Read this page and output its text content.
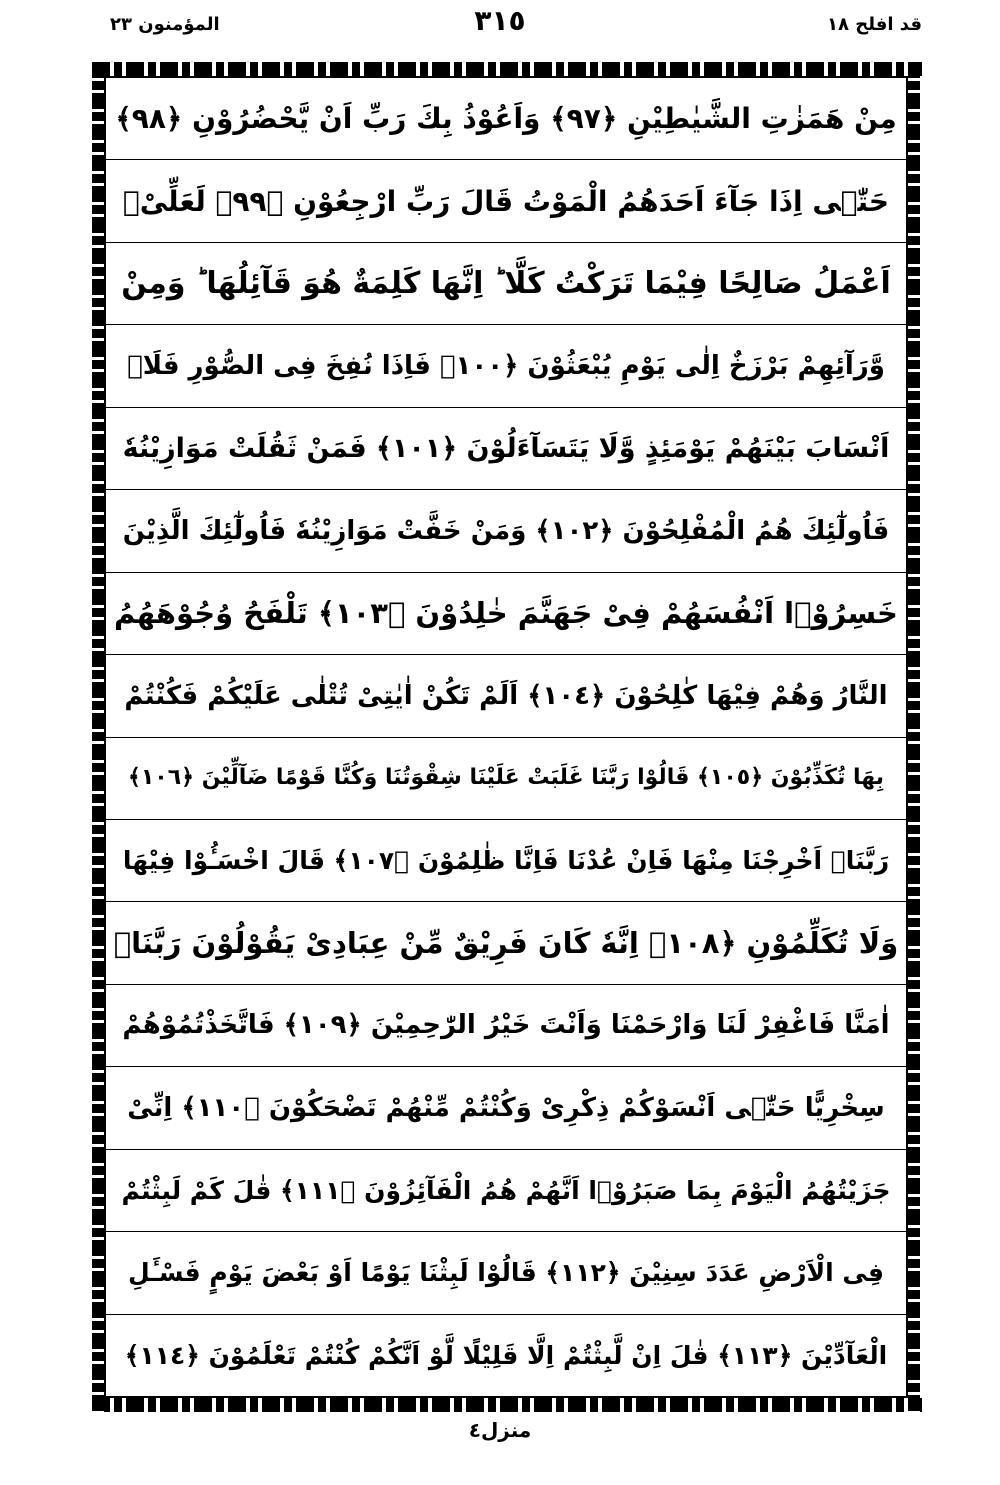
المؤمنون ٢٣	٣١٥	قد افلح ١٨
مِنْ هَمَزٰتِ الشَّيٰطِيْنِ ﴿٩٧﴾ وَاَعُوْذُ بِكَ رَبِّ اَنْ يَّحْضُرُوْنِ ﴿٩٨﴾
حَتّٰۤى اِذَا جَآءَ اَحَدَهُمُ الْمَوْتُ قَالَ رَبِّ ارْجِعُوْنِ ﴿٩٩﴾ لَعَلِّىْۤ
اَعْمَلُ صَالِحًا فِيْمَا تَرَكْتُ كَلَّا ؕ اِنَّهَا كَلِمَةٌ هُوَ قَآئِلُهَا ؕ وَمِنْ
وَّرَآئِهِمْ بَرْزَخٌ اِلٰى يَوْمِ يُبْعَثُوْنَ ﴿١٠٠﴾ فَاِذَا نُفِخَ فِى الصُّوْرِ فَلَاۤ
اَنْسَابَ بَيْنَهُمْ يَوْمَئِذٍ وَّلَا يَتَسَآءَلُوْنَ ﴿١٠١﴾ فَمَنْ ثَقُلَتْ مَوَازِيْنُهٗ
فَاُولٰٓئِكَ هُمُ الْمُفْلِحُوْنَ ﴿١٠٢﴾ وَمَنْ خَفَّتْ مَوَازِيْنُهٗ فَاُولٰٓئِكَ الَّذِيْنَ
خَسِرُوْۤا اَنْفُسَهُمْ فِىْ جَهَنَّمَ خٰلِدُوْنَ ﴿١٠٣﴾ تَلْفَحُ وُجُوْهَهُمُ
النَّارُ وَهُمْ فِيْهَا كٰلِحُوْنَ ﴿١٠٤﴾ اَلَمْ تَكُنْ اٰيٰتِىْ تُتْلٰى عَلَيْكُمْ فَكُنْتُمْ
بِهَا تُكَذِّبُوْنَ ﴿١٠٥﴾ قَالُوْا رَبَّنَا غَلَبَتْ عَلَيْنَا شِقْوَتُنَا وَكُنَّا قَوْمًا ضَآلِّيْنَ ﴿١٠٦﴾
رَبَّنَاۤ اَخْرِجْنَا مِنْهَا فَاِنْ عُدْنَا فَاِنَّا ظٰلِمُوْنَ ﴿١٠٧﴾ قَالَ اخْسَـُٔوْا فِيْهَا
وَلَا تُكَلِّمُوْنِ ﴿١٠٨﴾ اِنَّهٗ كَانَ فَرِيْقٌ مِّنْ عِبَادِىْ يَقُوْلُوْنَ رَبَّنَاۤ
اٰمَنَّا فَاغْفِرْ لَنَا وَارْحَمْنَا وَاَنْتَ خَيْرُ الرّٰحِمِيْنَ ﴿١٠٩﴾ فَاتَّخَذْتُمُوْهُمْ
سِخْرِيًّا حَتّٰۤى اَنْسَوْكُمْ ذِكْرِىْ وَكُنْتُمْ مِّنْهُمْ تَضْحَكُوْنَ ﴿١١٠﴾ اِنِّىْ
جَزَيْتُهُمُ الْيَوْمَ بِمَا صَبَرُوْۤا اَنَّهُمْ هُمُ الْفَآئِزُوْنَ ﴿١١١﴾ قٰلَ كَمْ لَبِثْتُمْ
فِى الْاَرْضِ عَدَدَ سِنِيْنَ ﴿١١٢﴾ قَالُوْا لَبِثْنَا يَوْمًا اَوْ بَعْضَ يَوْمٍ فَسْـَٔلِ
الْعَآدِّيْنَ ﴿١١٣﴾ قٰلَ اِنْ لَّبِثْتُمْ اِلَّا قَلِيْلًا لَّوْ اَنَّكُمْ كُنْتُمْ تَعْلَمُوْنَ ﴿١١٤﴾
منزل٤
